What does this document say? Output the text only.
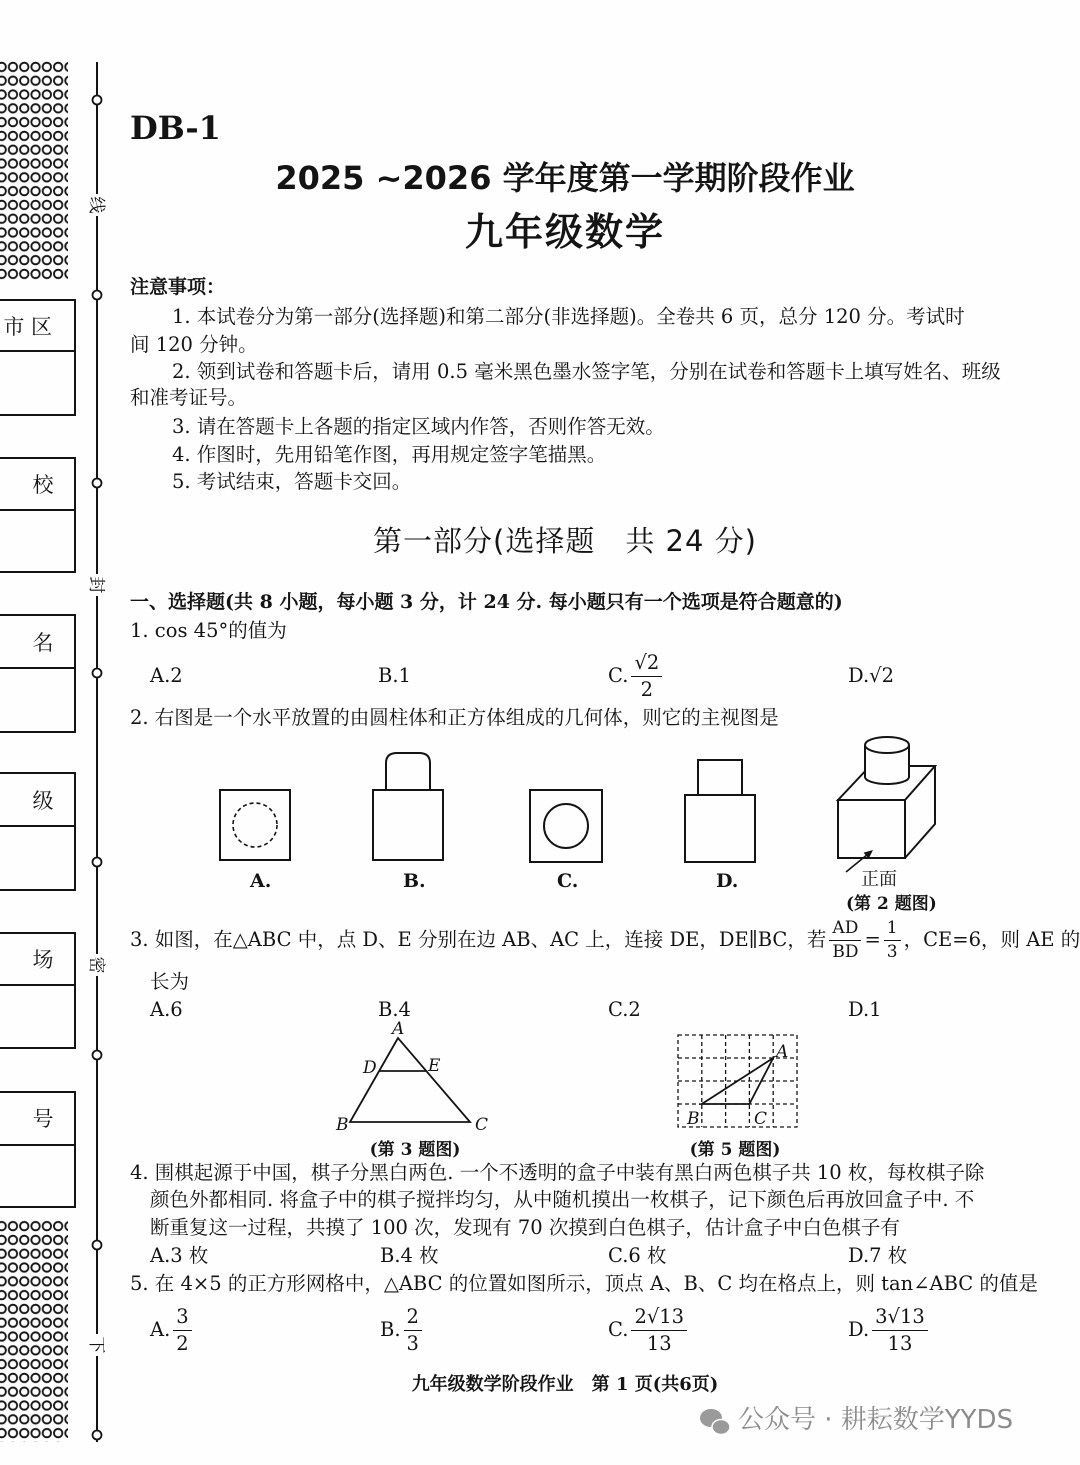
市 区
校
名
级
场
号
线
封
密
下
A.	B.	C.	D.	正面
(第 2 题图)
A
B	C
D	E
(第 3 题图)
A
B	C
(第 5 题图)
DB-1
2025 ~2026 学年度第一学期阶段作业
九年级数学
注意事项：
1. 本试卷分为第一部分(选择题)和第二部分(非选择题)。全卷共 6 页，总分 120 分。考试时
间 120 分钟。
2. 领到试卷和答题卡后，请用 0.5 毫米黑色墨水签字笔，分别在试卷和答题卡上填写姓名、班级
和准考证号。
3. 请在答题卡上各题的指定区域内作答，否则作答无效。
4. 作图时，先用铅笔作图，再用规定签字笔描黑。
5. 考试结束，答题卡交回。
第一部分(选择题　共 24 分)
一、选择题(共 8 小题，每小题 3 分，计 24 分. 每小题只有一个选项是符合题意的)
1. cos 45°的值为
A.2	B.1	C. $\frac{√2}{2}$	D.√2
2. 右图是一个水平放置的由圆柱体和正方体组成的几何体，则它的主视图是
3. 如图，在△ABC 中，点 D、E 分别在边 AB、AC 上，连接 DE，DE∥BC，若 $\frac{AD}{BD} = \frac{1}{3}$ ，CE=6，则 AE 的
长为
A.6	B.4	C.2	D.1
4. 围棋起源于中国，棋子分黑白两色. 一个不透明的盒子中装有黑白两色棋子共 10 枚，每枚棋子除
颜色外都相同. 将盒子中的棋子搅拌均匀，从中随机摸出一枚棋子，记下颜色后再放回盒子中. 不
断重复这一过程，共摸了 100 次，发现有 70 次摸到白色棋子，估计盒子中白色棋子有
A.3 枚	B.4 枚	C.6 枚	D.7 枚
5. 在 4×5 的正方形网格中，△ABC 的位置如图所示，顶点 A、B、C 均在格点上，则 tan∠ABC 的值是
A. $\frac{3}{2}$	B. $\frac{2}{3}$	C. $\frac{2√13}{13}$	D. $\frac{3√13}{13}$
九年级数学阶段作业　第 1 页(共6页)
公众号 · 耕耘数学YYDS
